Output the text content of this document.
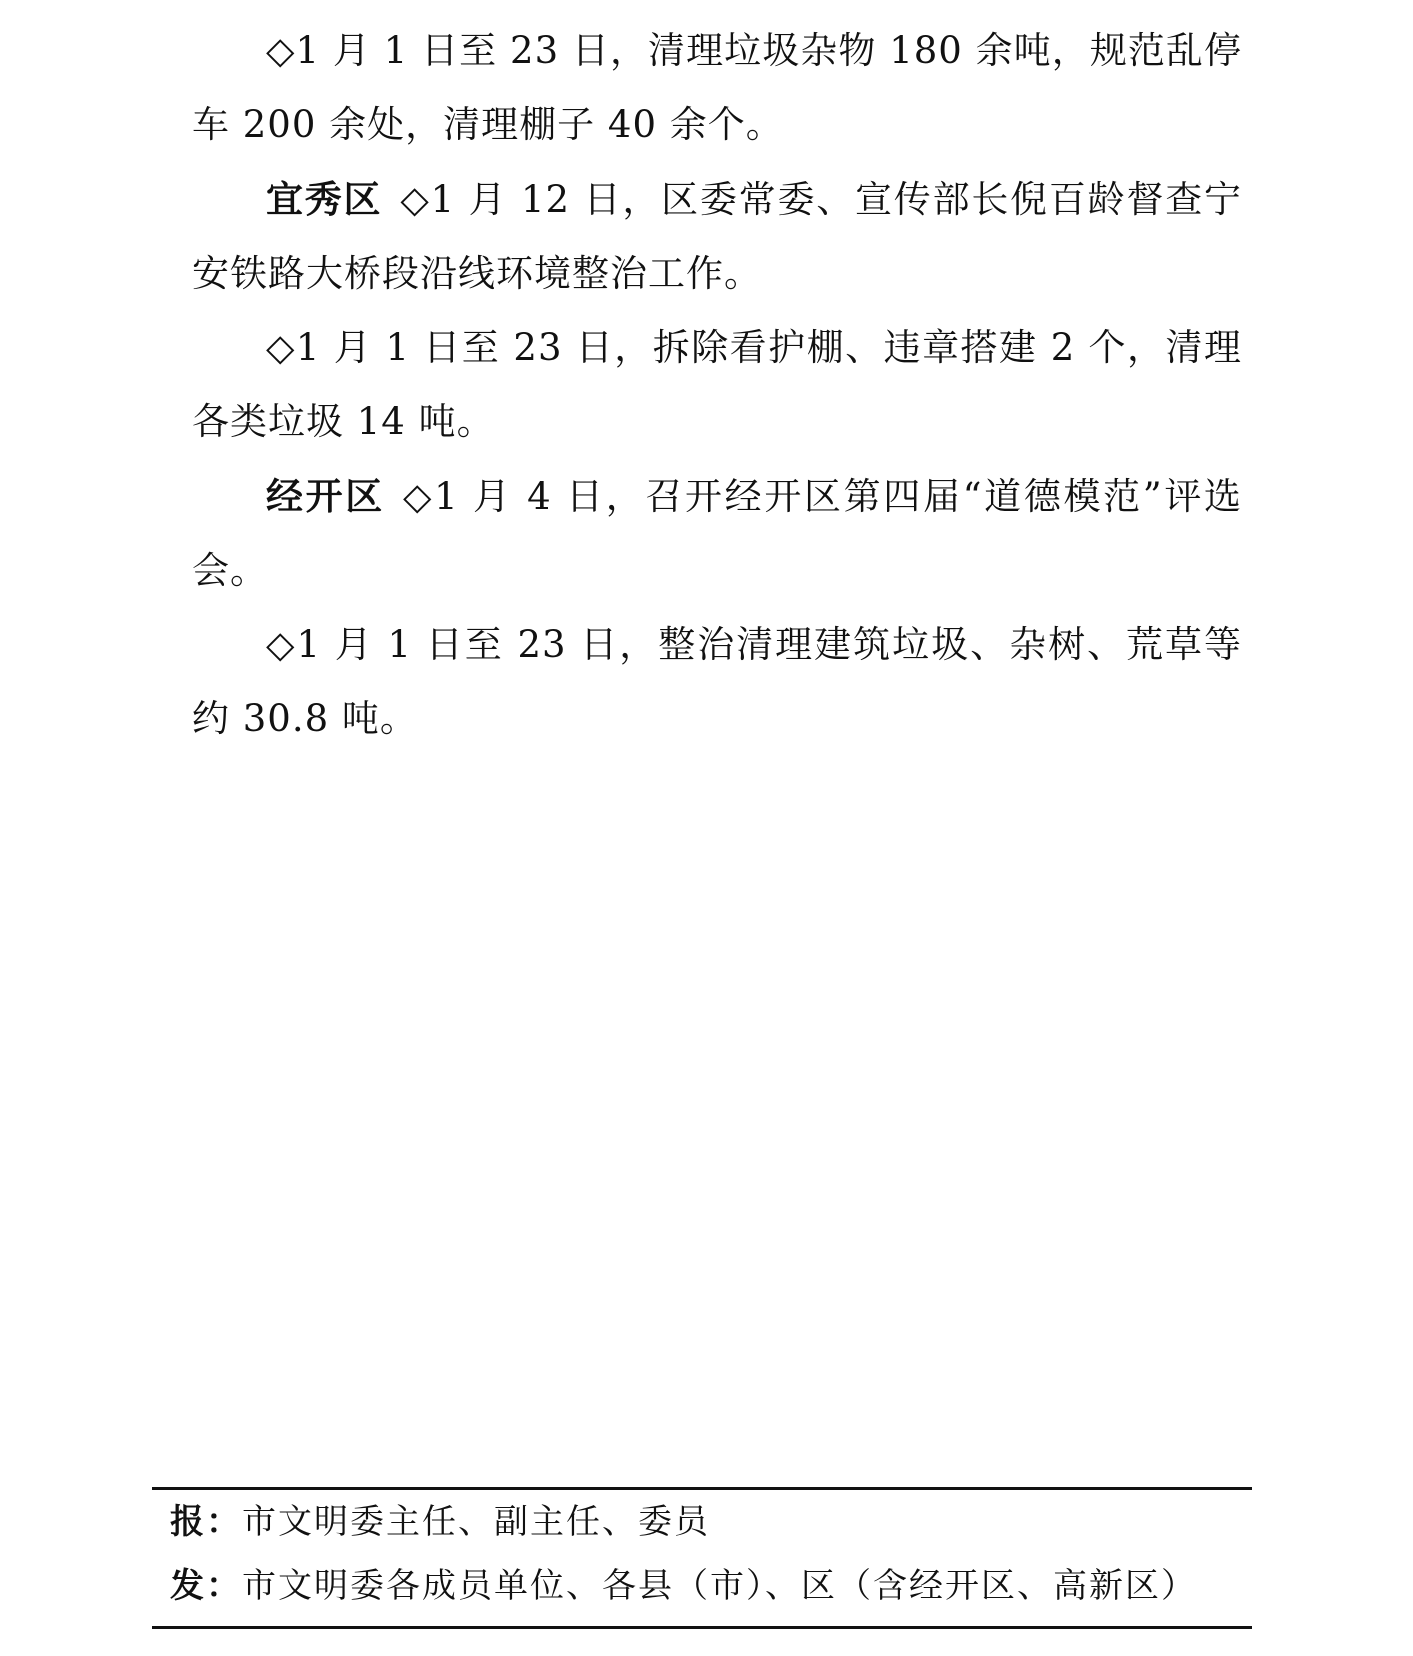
◇1 月 1 日至 23 日，清理垃圾杂物 180 余吨，规范乱停车 200 余处，清理棚子 40 余个。

宜秀区 ◇1 月 12 日，区委常委、宣传部长倪百龄督查宁安铁路大桥段沿线环境整治工作。

◇1 月 1 日至 23 日，拆除看护棚、违章搭建 2 个，清理各类垃圾 14 吨。

经开区 ◇1 月 4 日，召开经开区第四届“道德模范”评选会。

◇1 月 1 日至 23 日，整治清理建筑垃圾、杂树、荒草等约 30.8 吨。

报：市文明委主任、副主任、委员
发：市文明委各成员单位、各县（市）、区（含经开区、高新区）
